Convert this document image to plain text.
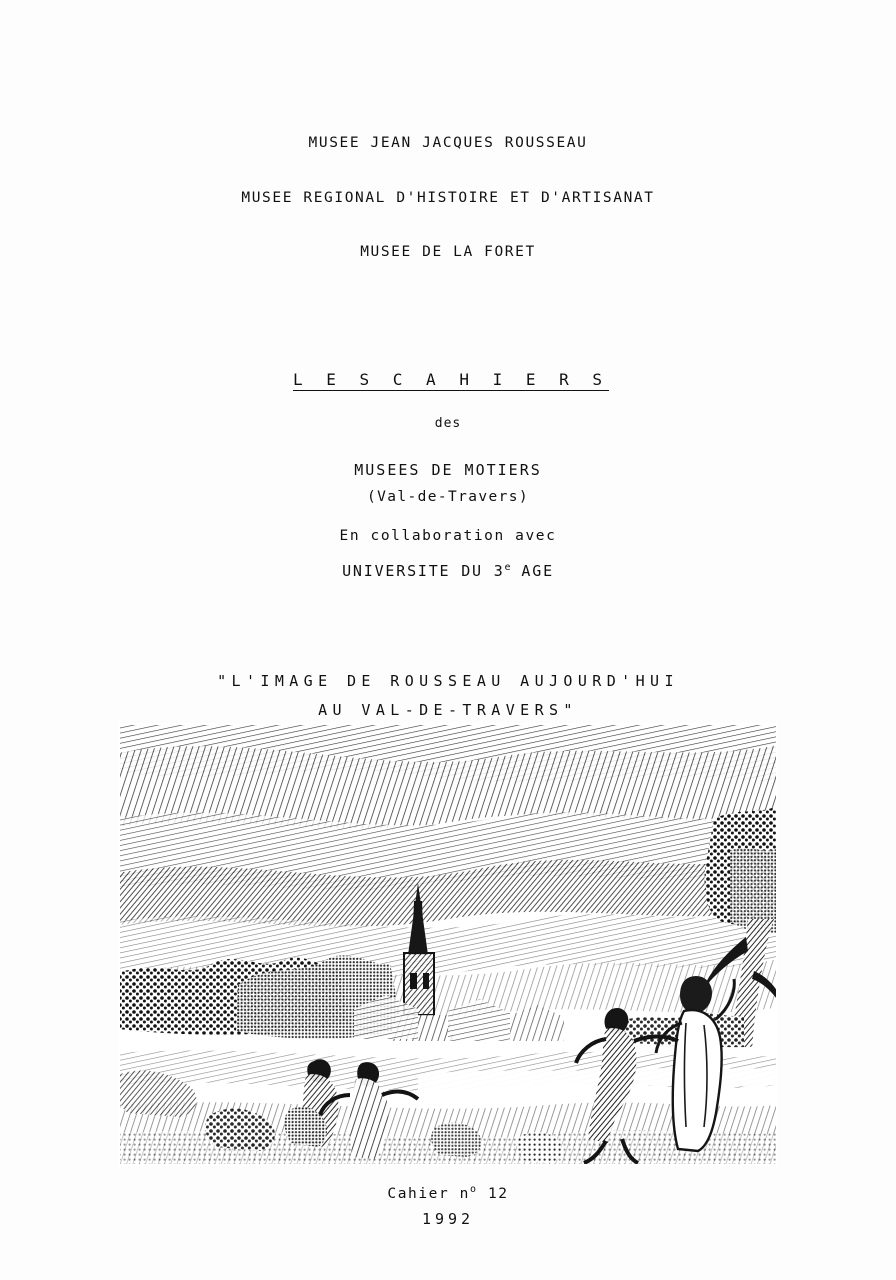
MUSEE JEAN JACQUES ROUSSEAU
MUSEE REGIONAL D'HISTOIRE ET D'ARTISANAT
MUSEE DE LA FORET
L E S C A H I E R S
des
MUSEES DE MOTIERS
(Val-de-Travers)
En collaboration avec
UNIVERSITE DU 3e AGE
"L'IMAGE DE ROUSSEAU AUJOURD'HUI
AU VAL-DE-TRAVERS"
Cahier $n^o$ 12
1992
